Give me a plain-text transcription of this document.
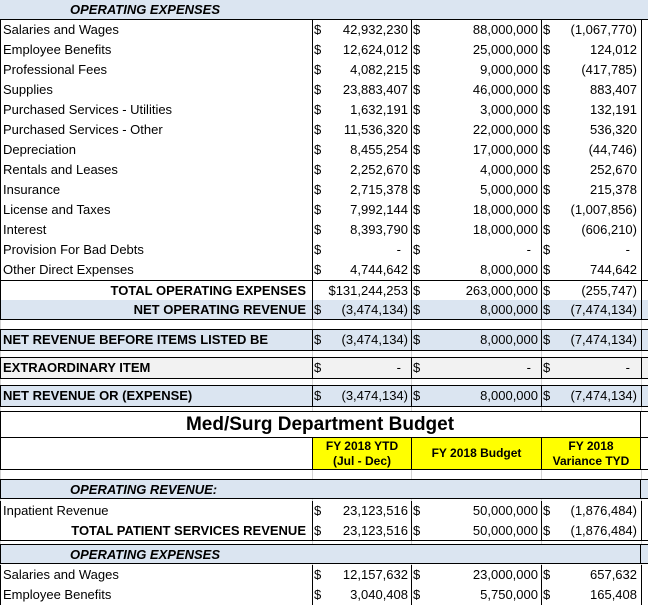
OPERATING EXPENSES
Salaries and Wages	$	42,932,230 $	88,000,000 $	(1,067,770)
Employee Benefits	$	12,624,012 $	25,000,000 $	124,012
Professional Fees	$	4,082,215 $	9,000,000 $	(417,785)
Supplies	$	23,883,407 $	46,000,000 $	883,407
Purchased Services - Utilities	$	1,632,191 $	3,000,000 $	132,191
Purchased Services - Other	$	11,536,320 $	22,000,000 $	536,320
Depreciation	$	8,455,254 $	17,000,000 $	(44,746)
Rentals and Leases	$	2,252,670 $	4,000,000 $	252,670
Insurance	$	2,715,378 $	5,000,000 $	215,378
License and Taxes	$	7,992,144 $	18,000,000 $	(1,007,856)
Interest	$	8,393,790 $	18,000,000 $	(606,210)
Provision For Bad Debts	$	- $	- $	-
Other Direct Expenses	$	4,744,642 $	8,000,000 $	744,642
TOTAL OPERATING EXPENSES $131,244,253 $	263,000,000 $	(255,747)
NET OPERATING REVENUE $	(3,474,134) $	8,000,000 $	(7,474,134)
NET REVENUE BEFORE ITEMS LISTED BE	$	(3,474,134) $	8,000,000 $	(7,474,134)
EXTRAORDINARY ITEM	$	- $	- $	-
NET REVENUE OR (EXPENSE)	$	(3,474,134) $	8,000,000 $	(7,474,134)
Med/Surg Department Budget
FY 2018 YTD (Jul - Dec)
FY 2018 Budget
FY 2018 Variance TYD
OPERATING REVENUE:
Inpatient Revenue	$	23,123,516 $	50,000,000 $	(1,876,484)
TOTAL PATIENT SERVICES REVENUE $	23,123,516 $	50,000,000 $	(1,876,484)
OPERATING EXPENSES
Salaries and Wages	$	12,157,632 $	23,000,000 $	657,632
Employee Benefits	$	3,040,408 $	5,750,000 $	165,408
